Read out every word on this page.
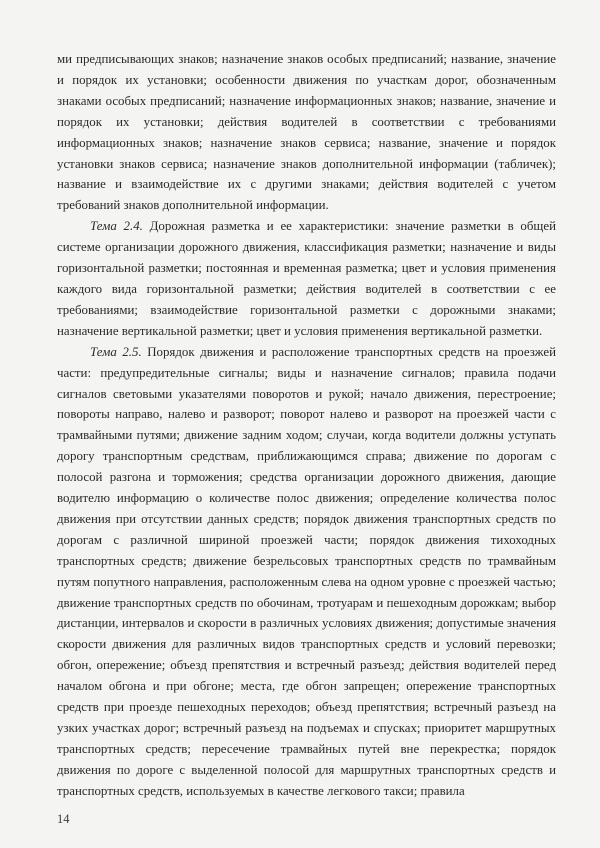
ми предписывающих знаков; назначение знаков особых предписаний; название, значение и порядок их установки; особенности движения по участкам дорог, обозначенным знаками особых предписаний; назначение информационных знаков; название, значение и порядок их установки; действия водителей в соответствии с требованиями информационных знаков; назначение знаков сервиса; название, значение и порядок установки знаков сервиса; назначение знаков дополнительной информации (табличек); название и взаимодействие их с другими знаками; действия водителей с учетом требований знаков дополнительной информации.

Тема 2.4. Дорожная разметка и ее характеристики: значение разметки в общей системе организации дорожного движения, классификация разметки; назначение и виды горизонтальной разметки; постоянная и временная разметка; цвет и условия применения каждого вида горизонтальной разметки; действия водителей в соответствии с ее требованиями; взаимодействие горизонтальной разметки с дорожными знаками; назначение вертикальной разметки; цвет и условия применения вертикальной разметки.

Тема 2.5. Порядок движения и расположение транспортных средств на проезжей части: предупредительные сигналы; виды и назначение сигналов; правила подачи сигналов световыми указателями поворотов и рукой; начало движения, перестроение; повороты направо, налево и разворот; поворот налево и разворот на проезжей части с трамвайными путями; движение задним ходом; случаи, когда водители должны уступать дорогу транспортным средствам, приближающимся справа; движение по дорогам с полосой разгона и торможения; средства организации дорожного движения, дающие водителю информацию о количестве полос движения; определение количества полос движения при отсутствии данных средств; порядок движения транспортных средств по дорогам с различной шириной проезжей части; порядок движения тихоходных транспортных средств; движение безрельсовых транспортных средств по трамвайным путям попутного направления, расположенным слева на одном уровне с проезжей частью; движение транспортных средств по обочинам, тротуарам и пешеходным дорожкам; выбор дистанции, интервалов и скорости в различных условиях движения; допустимые значения скорости движения для различных видов транспортных средств и условий перевозки; обгон, опережение; объезд препятствия и встречный разъезд; действия водителей перед началом обгона и при обгоне; места, где обгон запрещен; опережение транспортных средств при проезде пешеходных переходов; объезд препятствия; встречный разъезд на узких участках дорог; встречный разъезд на подъемах и спусках; приоритет маршрутных транспортных средств; пересечение трамвайных путей вне перекрестка; порядок движения по дороге с выделенной полосой для маршрутных транспортных средств и транспортных средств, используемых в качестве легкового такси; правила

14
